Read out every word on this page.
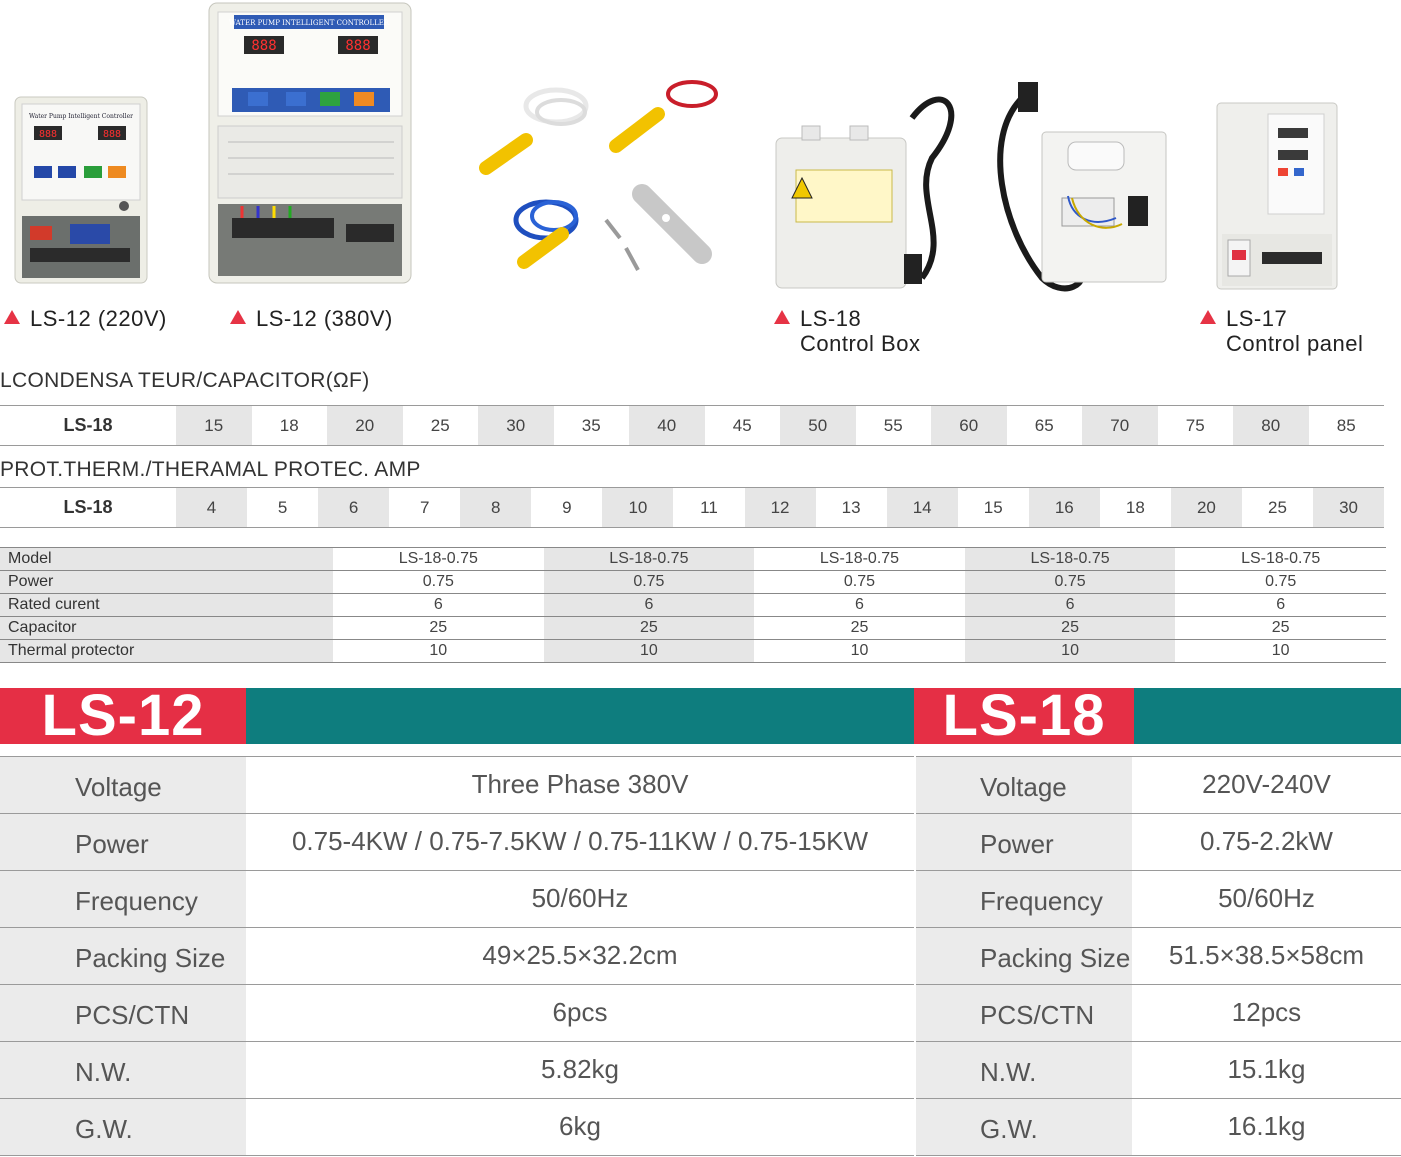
Water Pump Intelligent Controller
888	888
WATER PUMP INTELLIGENT CONTROLLER
888	888
LS-12 (220V)	LS-12 (380V)	LS-18
Control Box
LS-17
Control panel
LCONDENSA TEUR/CAPACITOR(ΩF)
LS-18	15	18	20	25	30	35	40	45	50	55	60	65	70	75	80	85
PROT.THERM./THERAMAL PROTEC. AMP
LS-18	4	5	6	7	8	9	10	11	12	13	14	15	16	18	20	25	30
Model	LS-18-0.75	LS-18-0.75	LS-18-0.75	LS-18-0.75	LS-18-0.75
Power	0.75	0.75	0.75	0.75	0.75
Rated curent	6	6	6	6	6
Capacitor	25	25	25	25	25
Thermal protector	10	10	10	10	10
LS-12	LS-18
Voltage	Three Phase 380V
Power	0.75-4KW / 0.75-7.5KW / 0.75-11KW / 0.75-15KW
Frequency	50/60Hz
Packing Size	49×25.5×32.2cm
PCS/CTN	6pcs
N.W.	5.82kg
G.W.	6kg
Voltage	220V-240V
Power	0.75-2.2kW
Frequency	50/60Hz
Packing Size	51.5×38.5×58cm
PCS/CTN	12pcs
N.W.	15.1kg
G.W.	16.1kg
